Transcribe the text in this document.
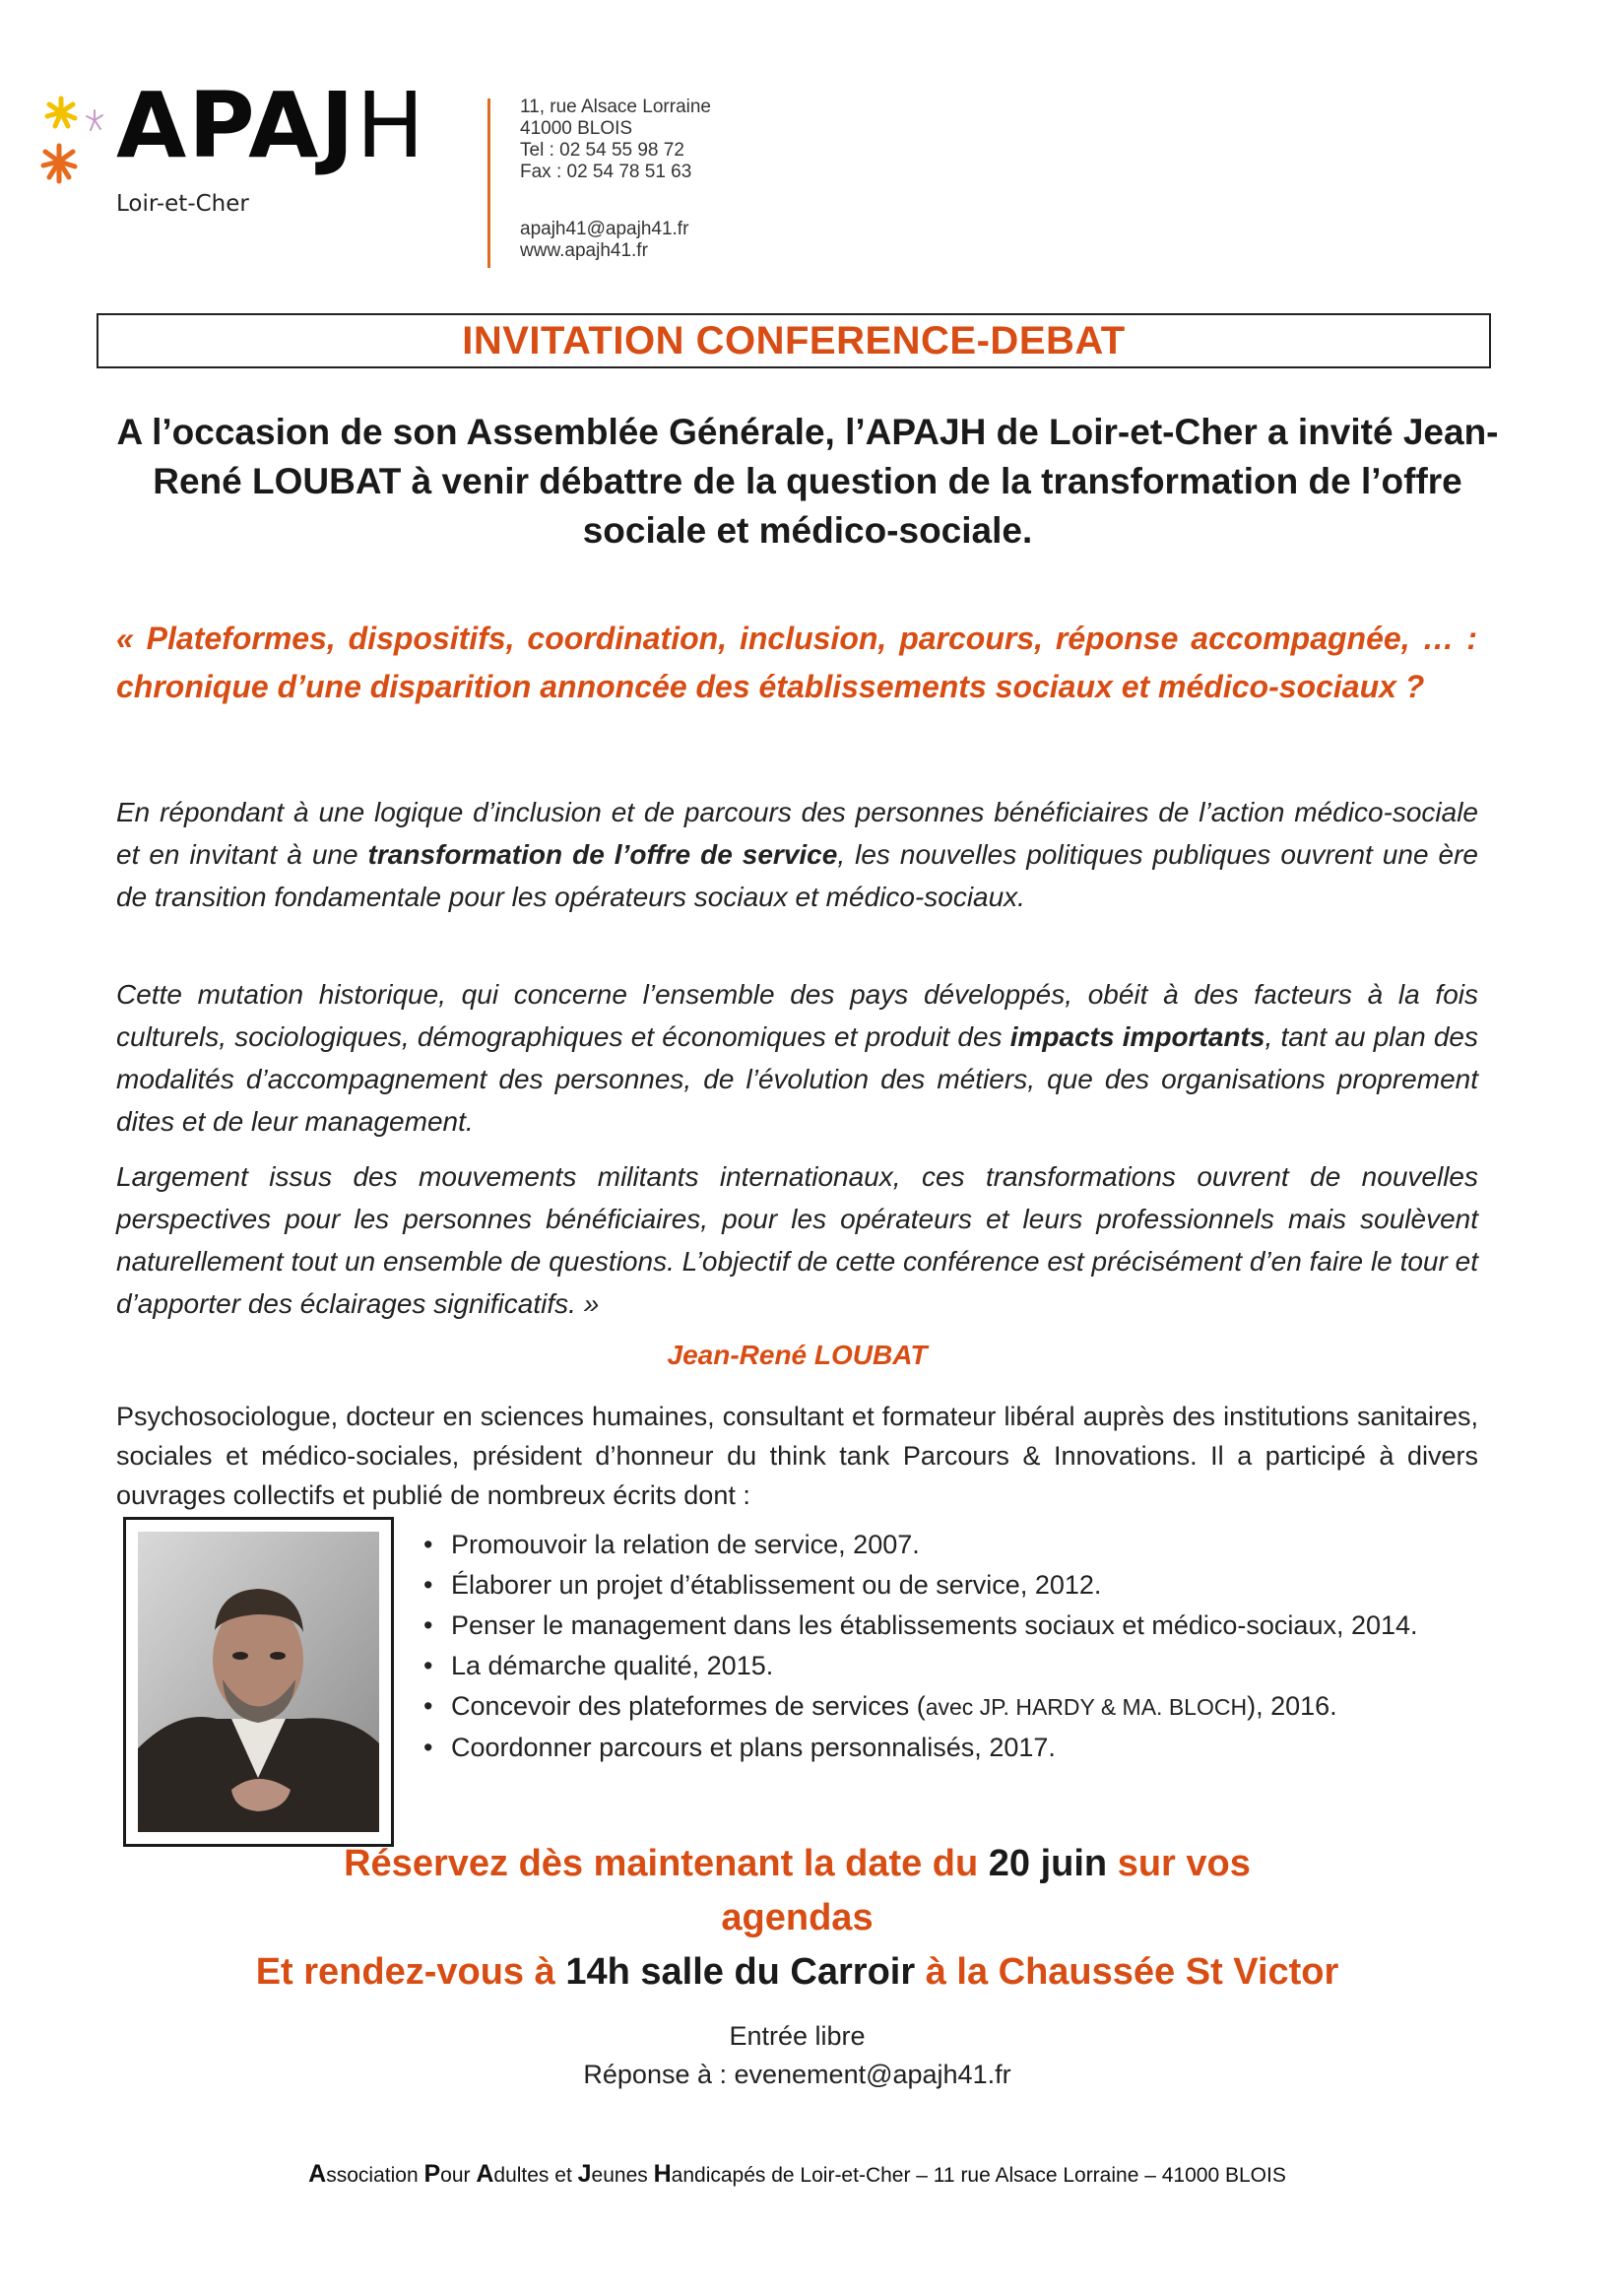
APAJH
Loir-et-Cher
11, rue Alsace Lorraine
41000 BLOIS
Tel : 02 54 55 98 72
Fax : 02 54 78 51 63
apajh41@apajh41.fr
www.apajh41.fr
INVITATION CONFERENCE-DEBAT
A l’occasion de son Assemblée Générale, l’APAJH de Loir-et-Cher a invité Jean-René LOUBAT à venir débattre de la question de la transformation de l’offre sociale et médico-sociale.
« Plateformes, dispositifs, coordination, inclusion, parcours, réponse accompagnée, … : chronique d’une disparition annoncée des établissements sociaux et médico-sociaux ?
En répondant à une logique d’inclusion et de parcours des personnes bénéficiaires de l’action médico-sociale et en invitant à une transformation de l’offre de service, les nouvelles politiques publiques ouvrent une ère de transition fondamentale pour les opérateurs sociaux et médico-sociaux.
Cette mutation historique, qui concerne l’ensemble des pays développés, obéit à des facteurs à la fois culturels, sociologiques, démographiques et économiques et produit des impacts importants, tant au plan des modalités d’accompagnement des personnes, de l’évolution des métiers, que des organisations proprement dites et de leur management.
Largement issus des mouvements militants internationaux, ces transformations ouvrent de nouvelles perspectives pour les personnes bénéficiaires, pour les opérateurs et leurs professionnels mais soulèvent naturellement tout un ensemble de questions. L’objectif de cette conférence est précisément d’en faire le tour et d’apporter des éclairages significatifs. »
Jean-René LOUBAT
Psychosociologue, docteur en sciences humaines, consultant et formateur libéral auprès des institutions sanitaires, sociales et médico-sociales, président d’honneur du think tank Parcours & Innovations. Il a participé à divers ouvrages collectifs et publié de nombreux écrits dont :
• Promouvoir la relation de service, 2007.
• Élaborer un projet d’établissement ou de service, 2012.
• Penser le management dans les établissements sociaux et médico-sociaux, 2014.
• La démarche qualité, 2015.
• Concevoir des plateformes de services (avec JP. HARDY & MA. BLOCH), 2016.
• Coordonner parcours et plans personnalisés, 2017.
Réservez dès maintenant la date du 20 juin sur vos
agendas
Et rendez-vous à 14h salle du Carroir à la Chaussée St Victor
Entrée libre
Réponse à : evenement@apajh41.fr
Association Pour Adultes et Jeunes Handicapés de Loir-et-Cher – 11 rue Alsace Lorraine – 41000 BLOIS
